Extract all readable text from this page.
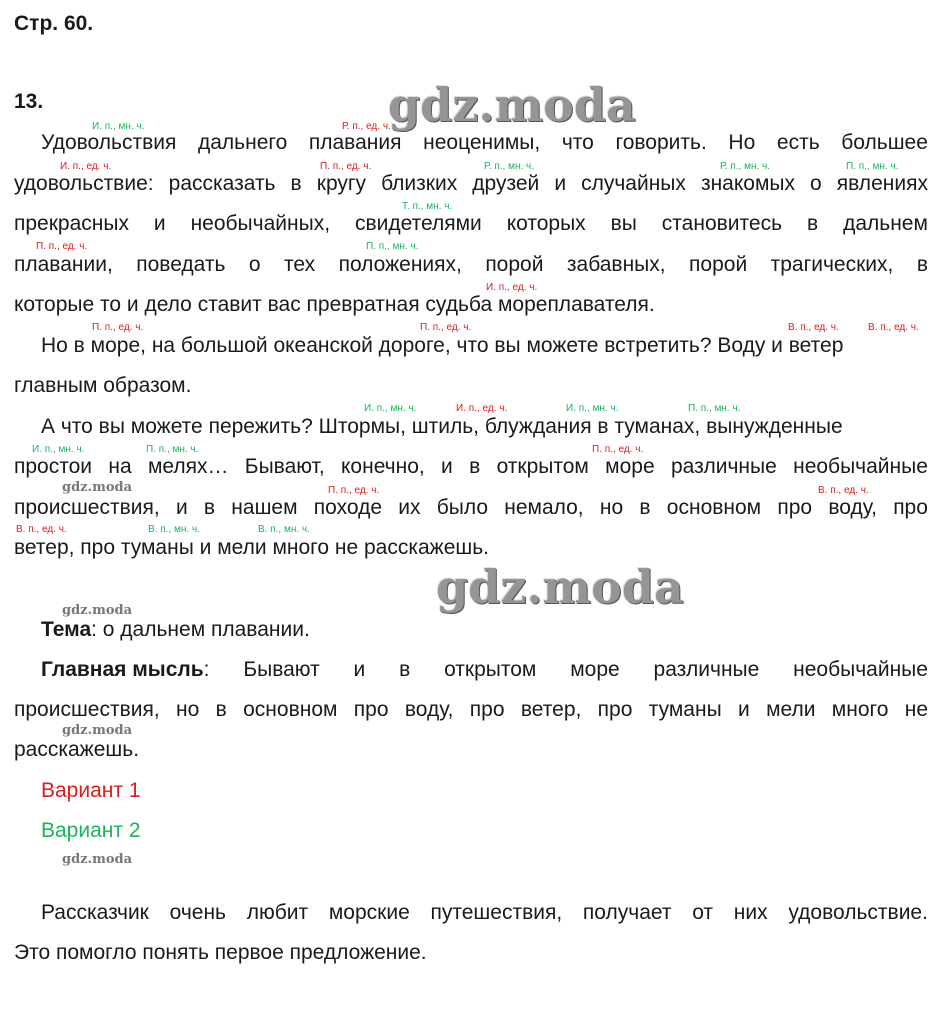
Стр. 60.
13.	gdz.moda
gdz.moda
gdz.moda
gdz.moda
gdz.moda
gdz.moda
И. п., мн. ч.	Р. п., ед. ч.
И. п., ед. ч.	П. п., ед. ч.	Р. п., мн. ч.	Р. п., мн. ч.	П. п., мн. ч.
Т. п., мн. ч.
П. п., ед. ч.	П. п., мн. ч.
И. п., ед. ч.
П. п., ед. ч.	П. п., ед. ч.	В. п., ед. ч.	В. п., ед. ч.
И. п., мн. ч.	И. п., ед. ч.	И. п., мн. ч.	П. п., мн. ч.
И. п., мн. ч.	П. п., мн. ч.	П. п., ед. ч.
П. п., ед. ч.	В. п., ед. ч.
В. п., ед. ч.	В. п., мн. ч.	В. п., мн. ч.
Удовольствия дальнего плавания неоценимы, что говорить. Но есть большее
удовольствие: рассказать в кругу близких друзей и случайных знакомых о явлениях
прекрасных и необычайных, свидетелями которых вы становитесь в дальнем
плавании, поведать о тех положениях, порой забавных, порой трагических, в
которые то и дело ставит вас превратная судьба мореплавателя.
Но в море, на большой океанской дороге, что вы можете встретить? Воду и ветер
главным образом.
А что вы можете пережить? Штормы, штиль, блуждания в туманах, вынужденные
простои на мелях… Бывают, конечно, и в открытом море различные необычайные
происшествия, и в нашем походе их было немало, но в основном про воду, про
ветер, про туманы и мели много не расскажешь.
Тема: о дальнем плавании.
Главная мысль: Бывают и в открытом море различные необычайные
происшествия, но в основном про воду, про ветер, про туманы и мели много не
расскажешь.
Вариант 1
Вариант 2
Рассказчик очень любит морские путешествия, получает от них удовольствие.
Это помогло понять первое предложение.
